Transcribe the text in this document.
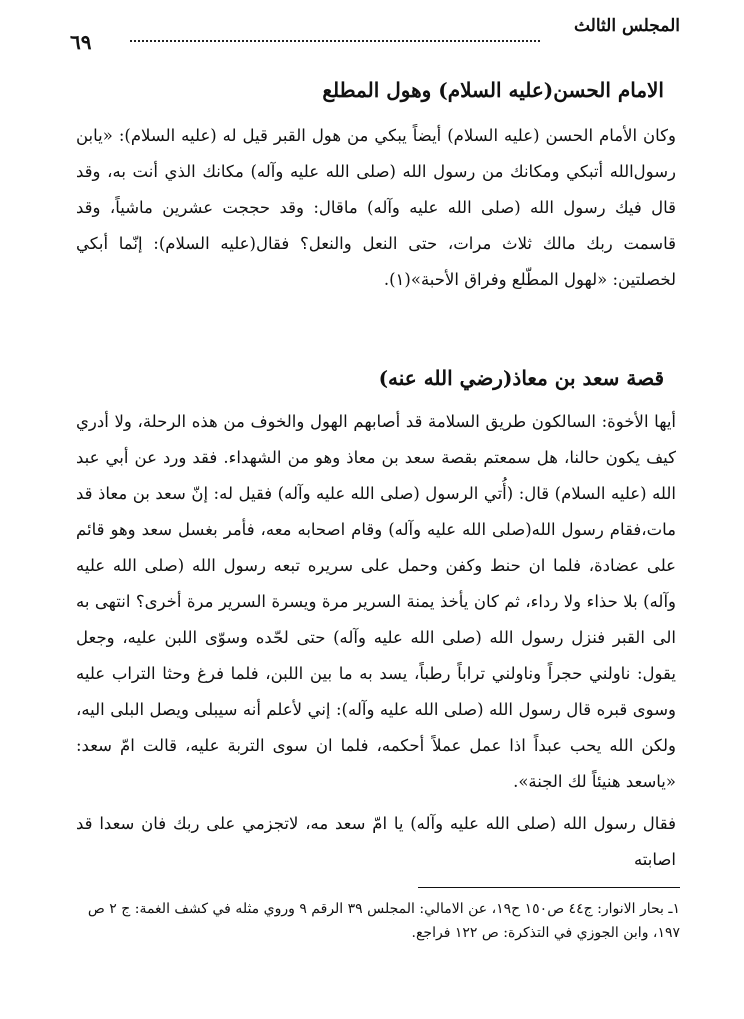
المجلس الثالث
٦٩
الامام الحسن(عليه السلام) وهول المطلع

وكان الأمام الحسن (عليه السلام) أيضاً يبكي من هول القبر قيل له (عليه السلام): «يابن رسول‌الله أتبكي ومكانك من رسول الله (صلى الله عليه وآله) مكانك الذي أنت به، وقد قال فيك رسول الله (صلى الله عليه وآله) ماقال: وقد حججت عشرين ماشياً، وقد قاسمت ربك مالك ثلاث مرات، حتى النعل والنعل؟ فقال(عليه السلام): إنّما أبكي لخصلتين: «لهول المطّلع وفراق الأحبة»(١).

قصة سعد بن معاذ(رضي الله عنه)

أيها الأخوة: السالكون طريق السلامة قد أصابهم الهول والخوف من هذه الرحلة، ولا أدري كيف يكون حالنا، هل سمعتم بقصة سعد بن معاذ وهو من الشهداء. فقد ورد عن أبي عبد الله (عليه السلام) قال: (أُتي الرسول (صلى الله عليه وآله) فقيل له: إنّ سعد بن معاذ قد مات،فقام رسول الله(صلى الله عليه وآله) وقام اصحابه معه، فأمر بغسل سعد وهو قائم على عضادة، فلما ان حنط وكفن وحمل على سريره تبعه رسول الله (صلى الله عليه وآله) بلا حذاء ولا رداء، ثم كان يأخذ يمنة السرير مرة ويسرة السرير مرة أخرى؟ انتهى به الى القبر فنزل رسول الله (صلى الله عليه وآله) حتى لحّده وسوّى اللبن عليه، وجعل يقول: ناولني حجراً وناولني تراباً رطباً، يسد به ما بين اللبن، فلما فرغ وحثا التراب عليه وسوى قبره قال رسول الله (صلى الله عليه وآله): إني لأعلم أنه سيبلى ويصل البلى اليه، ولكن الله يحب عبداً اذا عمل عملاً أحكمه، فلما ان سوى التربة عليه، قالت امّ سعد: «ياسعد هنيئاً لك الجنة».

فقال رسول الله (صلى الله عليه وآله) يا امّ سعد مه، لاتجزمي على ربك فان سعدا قد اصابته

١ـ بحار الانوار: ج٤٤ ص١٥٠ ح١٩، عن الامالي: المجلس ٣٩ الرقم ٩ وروي مثله في كشف الغمة: ج ٢ ص ١٩٧، وابن الجوزي في التذكرة: ص ١٢٢ فراجع.
